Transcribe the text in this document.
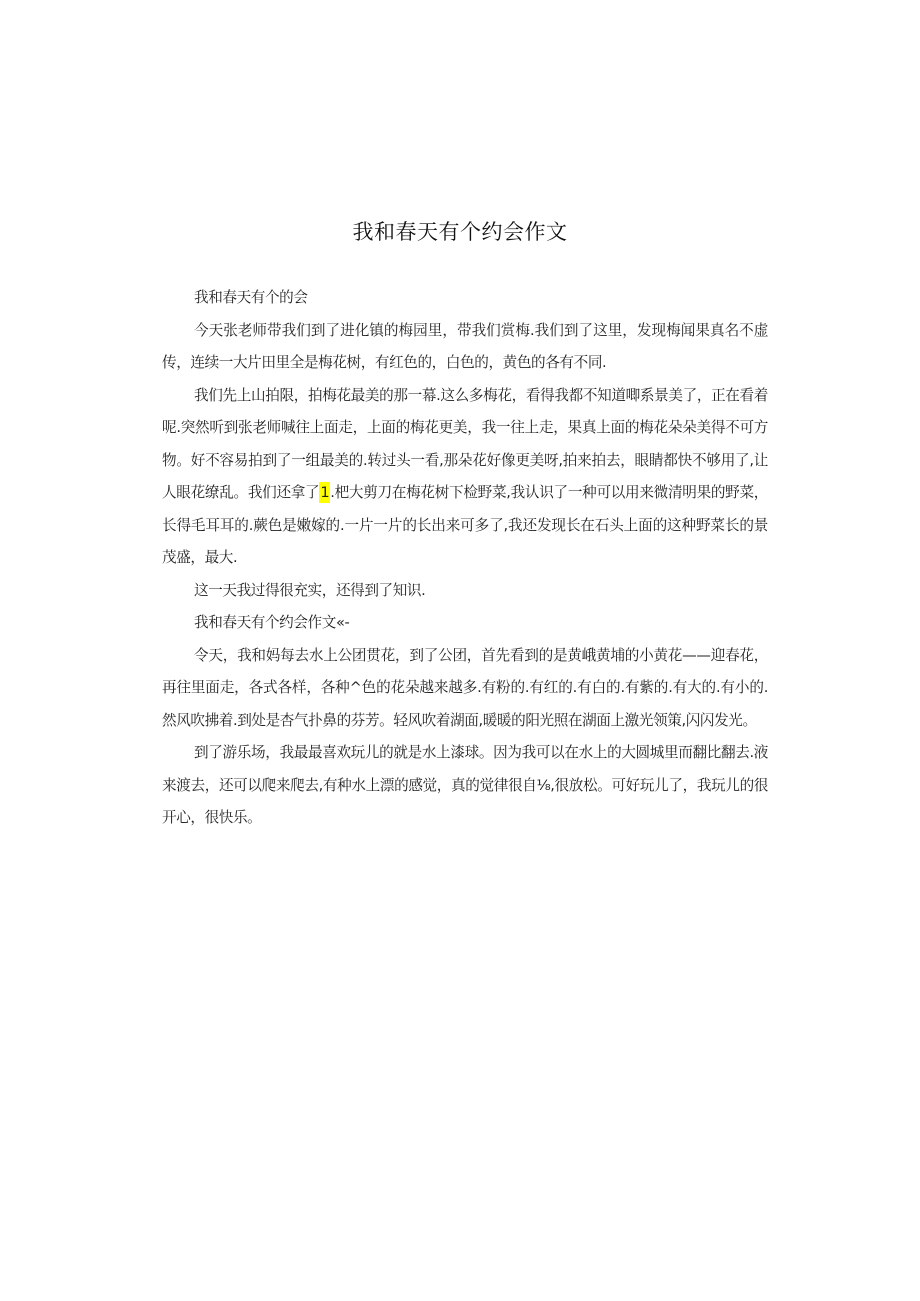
我和春天有个约会作文

我和春天有个的会

今天张老师带我们到了进化镇的梅园里，带我们赏梅.我们到了这里，发现梅闻果真名不虚传，连续一大片田里全是梅花树，有红色的，白色的，黄色的各有不同.

我们先上山拍限，拍梅花最美的那一幕.这么多梅花，看得我都不知道唧系景美了，正在看着呢.突然听到张老师喊往上面走，上面的梅花更美，我一往上走，果真上面的梅花朵朵美得不可方物。好不容易拍到了一组最美的.转过头一看,那朵花好像更美呀,拍来拍去，眼睛都快不够用了,让人眼花缭乱。我们还拿了1.杷大剪刀在梅花树下检野菜,我认识了一种可以用来微清明果的野菜，长得毛耳耳的.蕨色是嫩嫁的.一片一片的长出来可多了,我还发现长在石头上面的这种野菜长的景茂盛，最大.

这一天我过得很充实，还得到了知识.

我和春天有个约会作文«-

令天，我和妈每去水上公团贯花，到了公团，首先看到的是黄峨黄埔的小黄花——迎春花，再往里面走，各式各样，各种^色的花朵越来越多.有粉的.有红的.有白的.有紫的.有大的.有小的.然风吹拂着.到处是杏气扑鼻的芬芳。轻风吹着湖面,暖暖的阳光照在湖面上激光领策,闪闪发光。

到了游乐场，我最最喜欢玩儿的就是水上漆球。因为我可以在水上的大圆城里而翻比翻去.液来渡去，还可以爬来爬去,有种水上漂的感觉，真的觉律很自⅛,很放松。可好玩儿了，我玩儿的很开心，很快乐。
